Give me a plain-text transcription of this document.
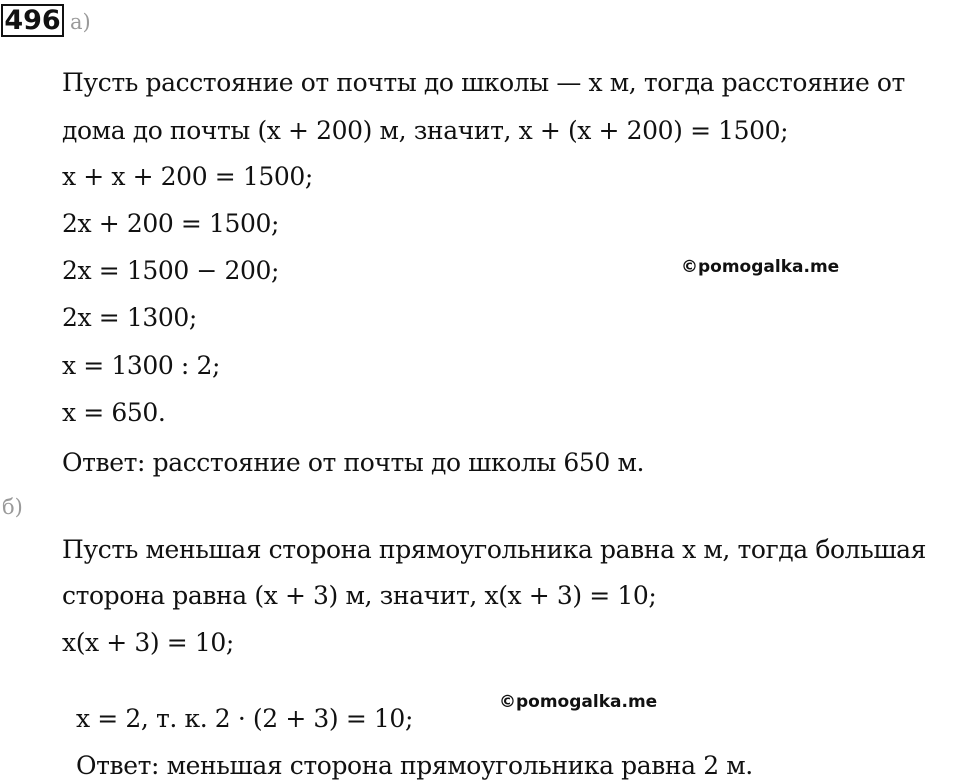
496 а)
Пусть расстояние от почты до школы — x м, тогда расстояние от
дома до почты (x + 200) м, значит, x + (x + 200) = 1500;
x + x + 200 = 1500;
2x + 200 = 1500;
2x = 1500 − 200;
2x = 1300;
x = 1300 : 2;
x = 650.
Ответ: расстояние от почты до школы 650 м.
©pomogalka.me
б)
Пусть меньшая сторона прямоугольника равна x м, тогда большая
сторона равна (x + 3) м, значит, x(x + 3) = 10;
x(x + 3) = 10;
x = 2, т. к. 2 · (2 + 3) = 10;
Ответ: меньшая сторона прямоугольника равна 2 м.
©pomogalka.me
